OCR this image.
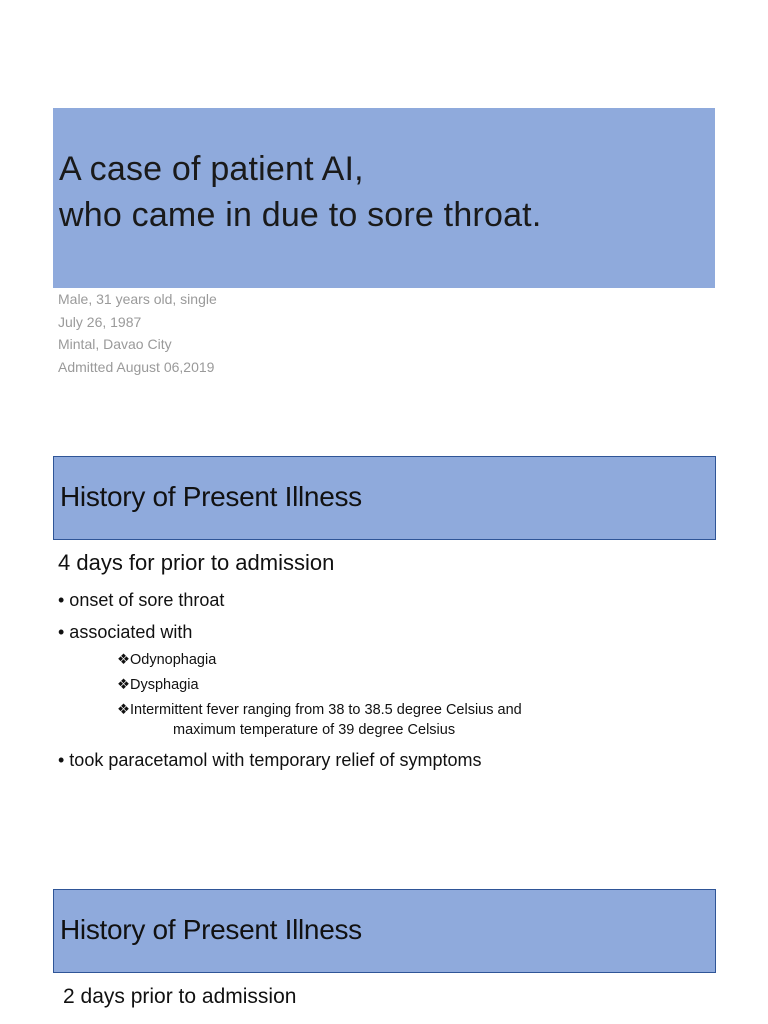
A case of patient AI,
who came in due to sore throat.
Male, 31 years old, single
July 26, 1987
Mintal, Davao City
Admitted August 06,2019
History of Present Illness
4 days for prior to admission
• onset of sore throat
• associated with
❖Odynophagia
❖Dysphagia
❖Intermittent fever ranging from 38 to 38.5 degree Celsius and
maximum temperature of 39 degree Celsius
• took paracetamol with temporary relief of symptoms
History of Present Illness
2 days prior to admission
